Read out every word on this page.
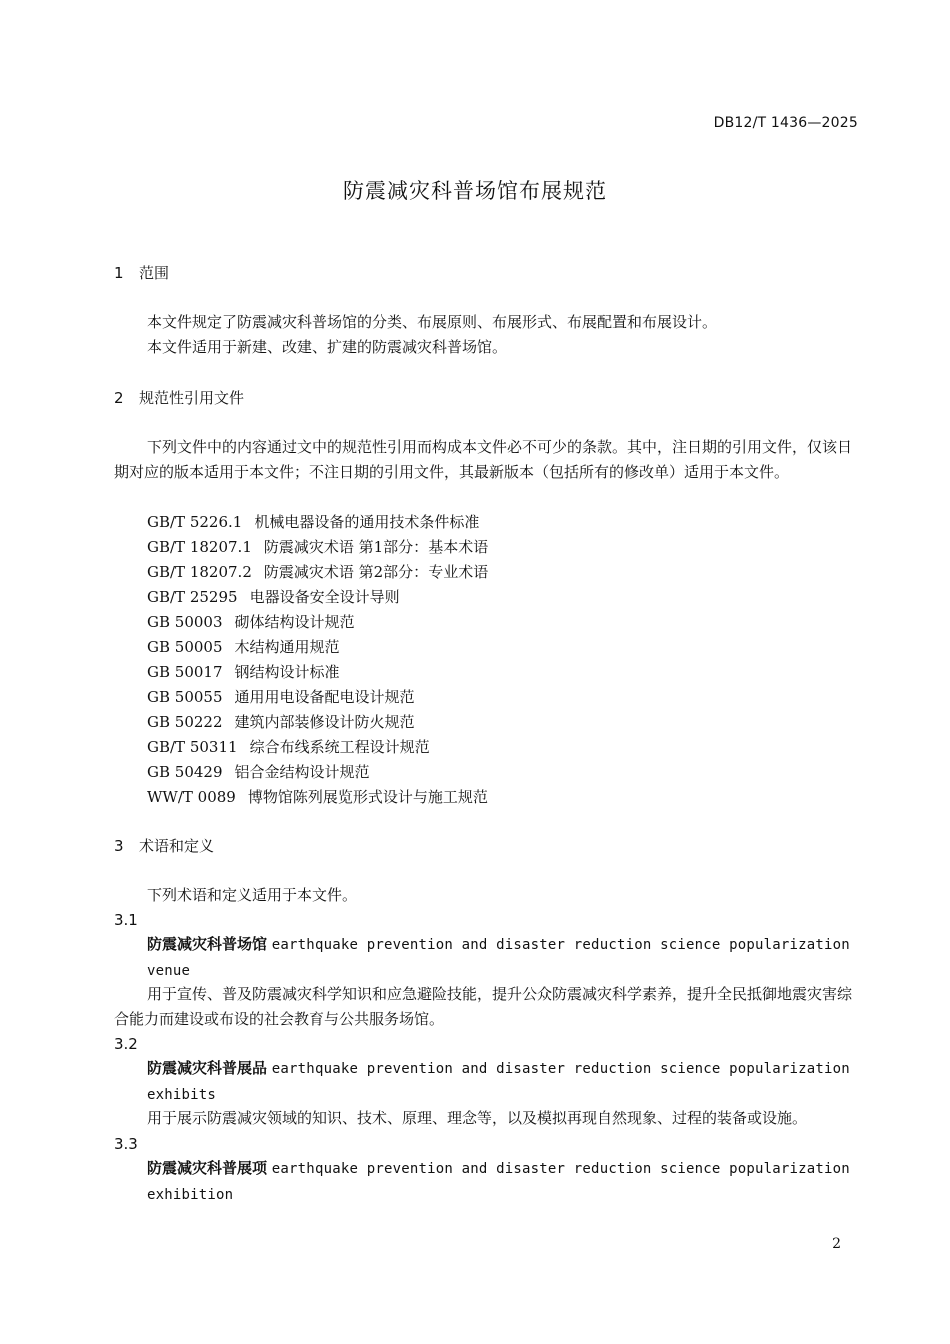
DB12/T 1436—2025
防震减灾科普场馆布展规范
1 范围
本文件规定了防震减灾科普场馆的分类、布展原则、布展形式、布展配置和布展设计。
本文件适用于新建、改建、扩建的防震减灾科普场馆。
2 规范性引用文件
下列文件中的内容通过文中的规范性引用而构成本文件必不可少的条款。其中，注日期的引用文件，仅该日期对应的版本适用于本文件；不注日期的引用文件，其最新版本（包括所有的修改单）适用于本文件。
GB/T 5226.1 机械电器设备的通用技术条件标准
GB/T 18207.1 防震减灾术语 第1部分：基本术语
GB/T 18207.2 防震减灾术语 第2部分：专业术语
GB/T 25295 电器设备安全设计导则
GB 50003 砌体结构设计规范
GB 50005 木结构通用规范
GB 50017 钢结构设计标准
GB 50055 通用用电设备配电设计规范
GB 50222 建筑内部装修设计防火规范
GB/T 50311 综合布线系统工程设计规范
GB 50429 铝合金结构设计规范
WW/T 0089 博物馆陈列展览形式设计与施工规范
3 术语和定义
下列术语和定义适用于本文件。
3.1
防震减灾科普场馆 earthquake prevention and disaster reduction science popularization venue
用于宣传、普及防震减灾科学知识和应急避险技能，提升公众防震减灾科学素养，提升全民抵御地震灾害综合能力而建设或布设的社会教育与公共服务场馆。
3.2
防震减灾科普展品 earthquake prevention and disaster reduction science popularization exhibits
用于展示防震减灾领域的知识、技术、原理、理念等，以及模拟再现自然现象、过程的装备或设施。
3.3
防震减灾科普展项 earthquake prevention and disaster reduction science popularization exhibition
2
